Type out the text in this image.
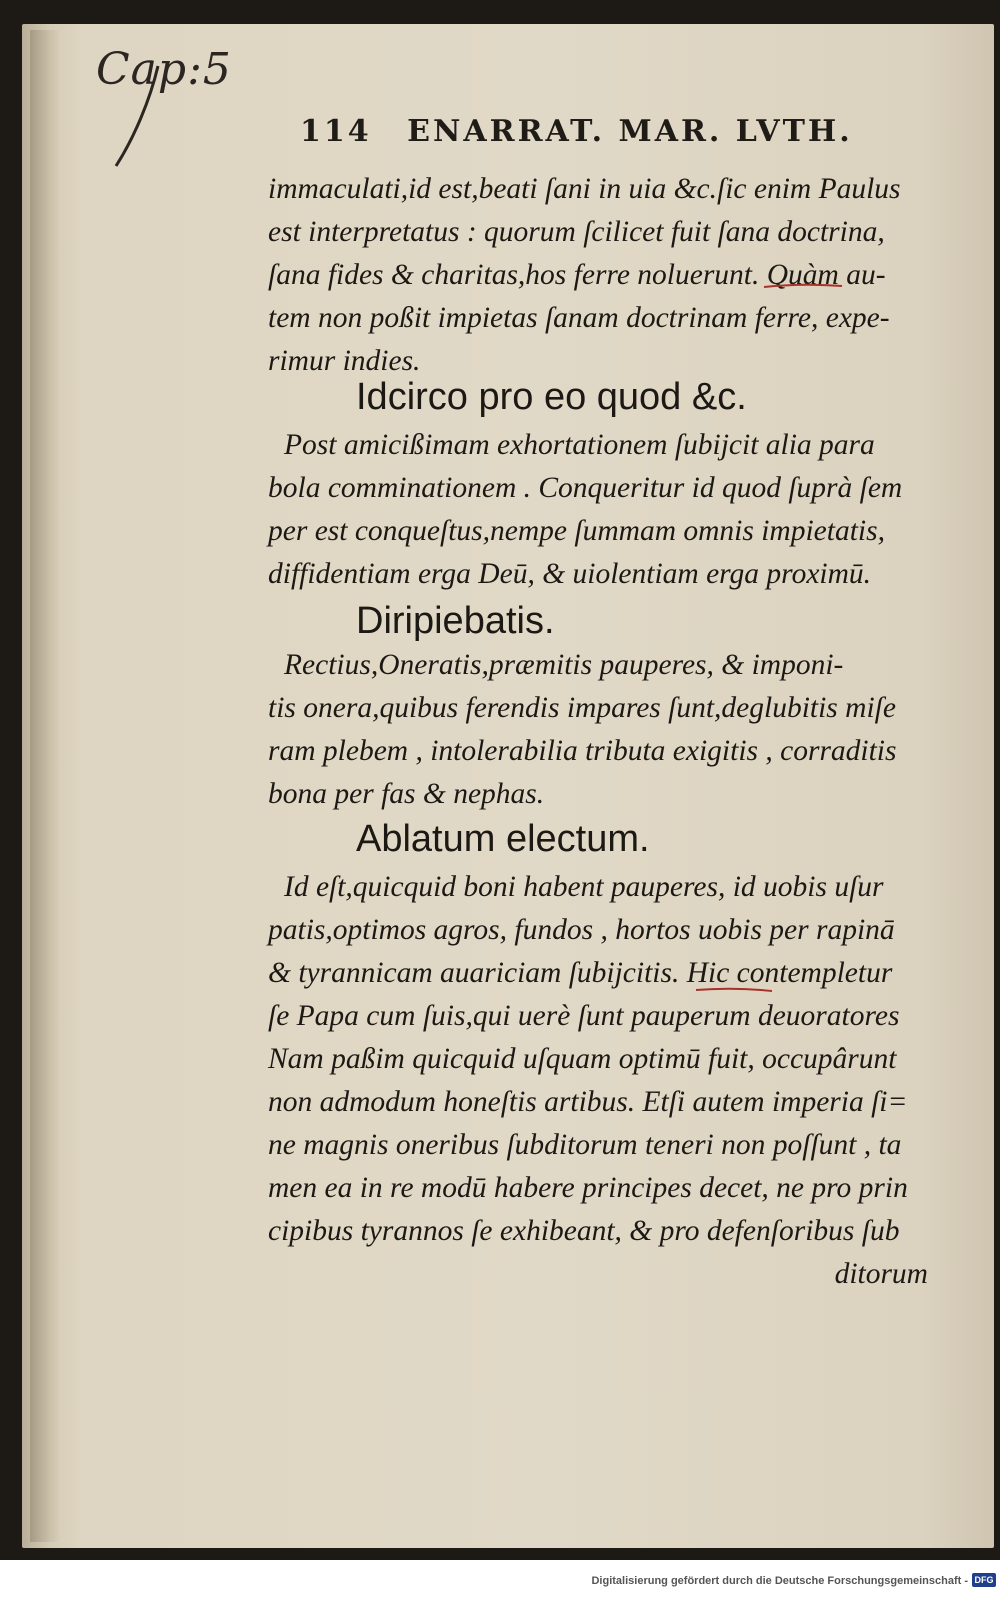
Cap:5
114 ENARRAT. MAR. LVTH.
immaculati,id est,beati ſani in uia &c.ſic enim Paulus
est interpretatus : quorum ſcilicet fuit ſana doctrina,
ſana fides & charitas,hos ferre noluerunt. Quàm au-
tem non poßit impietas ſanam doctrinam ferre, expe-
rimur indies.
Idcirco pro eo quod &c.
Post amicißimam exhortationem ſubijcit alia para
bola comminationem . Conqueritur id quod ſuprà ſem
per est conqueſtus,nempe ſummam omnis impietatis,
diffidentiam erga Deū, & uiolentiam erga proximū.
Diripiebatis.
Rectius,Oneratis,præmitis pauperes, & imponi-
tis onera,quibus ferendis impares ſunt,deglubitis miſe
ram plebem , intolerabilia tributa exigitis , corraditis
bona per fas & nephas.
Ablatum electum.
Id eſt,quicquid boni habent pauperes, id uobis uſur
patis,optimos agros, fundos , hortos uobis per rapinā
& tyrannicam auariciam ſubijcitis. Hic contempletur
ſe Papa cum ſuis,qui uerè ſunt pauperum deuoratores
Nam paßim quicquid uſquam optimū fuit, occupârunt
non admodum honeſtis artibus. Etſi autem imperia ſi=
ne magnis oneribus ſubditorum teneri non poſſunt , ta
men ea in re modū habere principes decet, ne pro prin
cipibus tyrannos ſe exhibeant, & pro defenſoribus ſub
ditorum
Digitalisierung gefördert durch die Deutsche Forschungsgemeinschaft - DFG
